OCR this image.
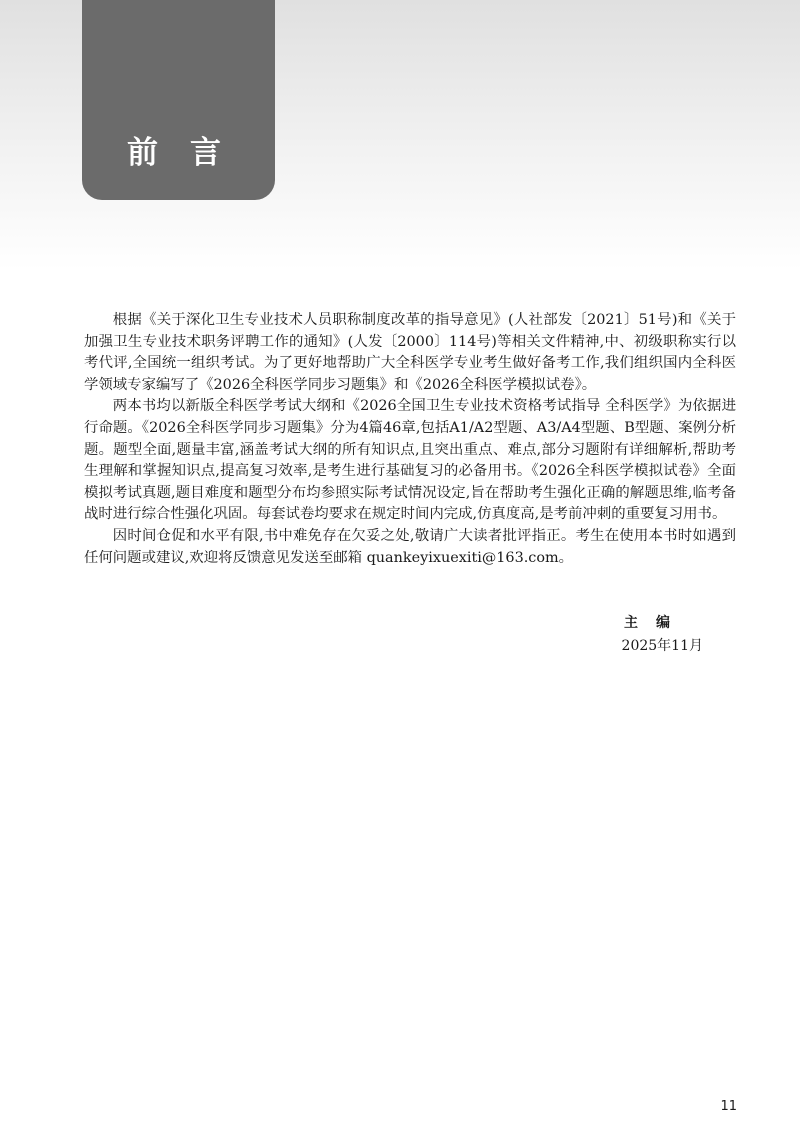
前言

根据《关于深化卫生专业技术人员职称制度改革的指导意见》(人社部发〔2021〕51号)和《关于加强卫生专业技术职务评聘工作的通知》(人发〔2000〕114号)等相关文件精神,中、初级职称实行以考代评,全国统一组织考试。为了更好地帮助广大全科医学专业考生做好备考工作,我们组织国内全科医学领域专家编写了《2026全科医学同步习题集》和《2026全科医学模拟试卷》。

两本书均以新版全科医学考试大纲和《2026全国卫生专业技术资格考试指导 全科医学》为依据进行命题。《2026全科医学同步习题集》分为4篇46章,包括A1/A2型题、A3/A4型题、B型题、案例分析题。题型全面,题量丰富,涵盖考试大纲的所有知识点,且突出重点、难点,部分习题附有详细解析,帮助考生理解和掌握知识点,提高复习效率,是考生进行基础复习的必备用书。《2026全科医学模拟试卷》全面模拟考试真题,题目难度和题型分布均参照实际考试情况设定,旨在帮助考生强化正确的解题思维,临考备战时进行综合性强化巩固。每套试卷均要求在规定时间内完成,仿真度高,是考前冲刺的重要复习用书。

因时间仓促和水平有限,书中难免存在欠妥之处,敬请广大读者批评指正。考生在使用本书时如遇到任何问题或建议,欢迎将反馈意见发送至邮箱 quankeyixuexiti@163.com。

主编
2025年11月
11
